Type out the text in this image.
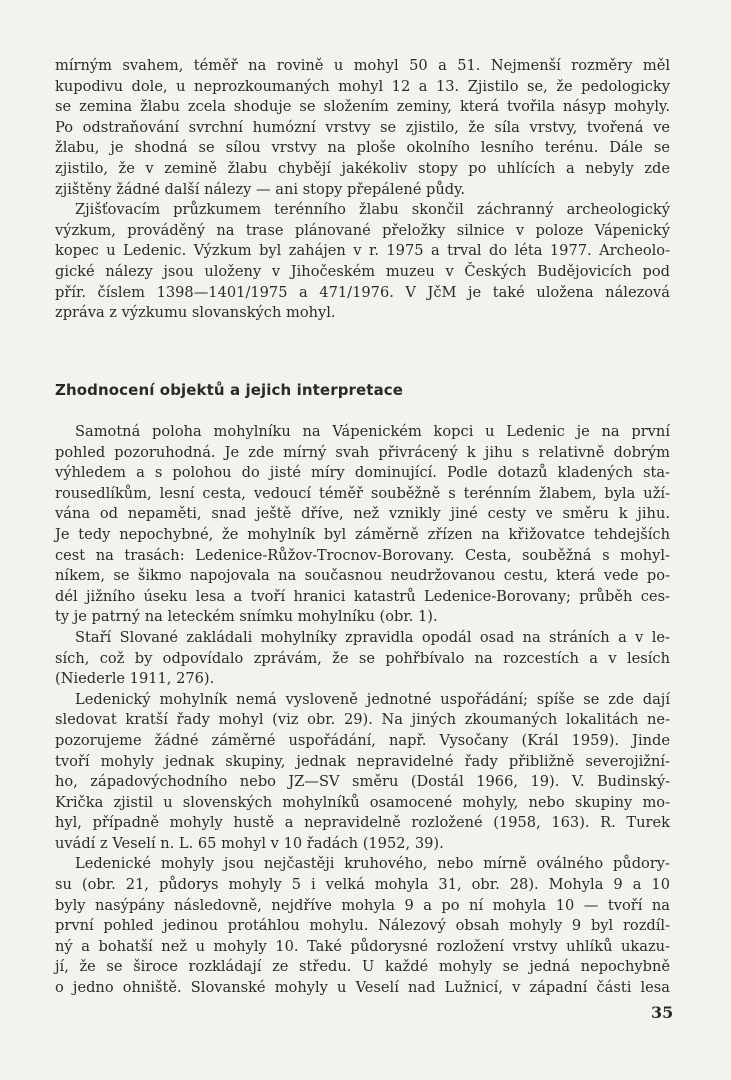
mírným svahem, téměř na rovině u mohyl 50 a 51. Nejmenší rozměry měl
kupodivu dole, u neprozkoumaných mohyl 12 a 13. Zjistilo se, že pedologicky
se zemina žlabu zcela shoduje se složením zeminy, která tvořila násyp mohyly.
Po odstraňování svrchní humózní vrstvy se zjistilo, že síla vrstvy, tvořená ve
žlabu, je shodná se sílou vrstvy na ploše okolního lesního terénu. Dále se
zjistilo, že v zemině žlabu chybějí jakékoliv stopy po uhlících a nebyly zde
zjištěny žádné další nálezy — ani stopy přepálené půdy.
Zjišťovacím průzkumem terénního žlabu skončil záchranný archeologický
výzkum, prováděný na trase plánované přeložky silnice v poloze Vápenický
kopec u Ledenic. Výzkum byl zahájen v r. 1975 a trval do léta 1977. Archeolo-
gické nálezy jsou uloženy v Jihočeském muzeu v Českých Budějovicích pod
přír. číslem 1398—1401/1975 a 471/1976. V JčM je také uložena nálezová
zpráva z výzkumu slovanských mohyl.
Zhodnocení objektů a jejich interpretace
Samotná poloha mohylníku na Vápenickém kopci u Ledenic je na první
pohled pozoruhodná. Je zde mírný svah přivrácený k jihu s relativně dobrým
výhledem a s polohou do jisté míry dominující. Podle dotazů kladených sta-
rousedlíkům, lesní cesta, vedoucí téměř souběžně s terénním žlabem, byla uží-
vána od nepaměti, snad ještě dříve, než vznikly jiné cesty ve směru k jihu.
Je tedy nepochybné, že mohylník byl záměrně zřízen na křižovatce tehdejších
cest na trasách: Ledenice-Růžov-Trocnov-Borovany. Cesta, souběžná s mohyl-
níkem, se šikmo napojovala na současnou neudržovanou cestu, která vede po-
dél jižního úseku lesa a tvoří hranici katastrů Ledenice-Borovany; průběh ces-
ty je patrný na leteckém snímku mohylníku (obr. 1).
Staří Slované zakládali mohylníky zpravidla opodál osad na stráních a v le-
sích, což by odpovídalo zprávám, že se pohřbívalo na rozcestích a v lesích
(Niederle 1911, 276).
Ledenický mohylník nemá vysloveně jednotné uspořádání; spíše se zde dají
sledovat kratší řady mohyl (viz obr. 29). Na jiných zkoumaných lokalitách ne-
pozorujeme žádné záměrné uspořádání, např. Vysočany (Král 1959). Jinde
tvoří mohyly jednak skupiny, jednak nepravidelné řady přibližně severojižní-
ho, západovýchodního nebo JZ—SV směru (Dostál 1966, 19). V. Budinský-
Krička zjistil u slovenských mohylníků osamocené mohyly, nebo skupiny mo-
hyl, případně mohyly hustě a nepravidelně rozložené (1958, 163). R. Turek
uvádí z Veselí n. L. 65 mohyl v 10 řadách (1952, 39).
Ledenické mohyly jsou nejčastěji kruhového, nebo mírně oválného půdory-
su (obr. 21, půdorys mohyly 5 i velká mohyla 31, obr. 28). Mohyla 9 a 10
byly nasýpány následovně, nejdříve mohyla 9 a po ní mohyla 10 — tvoří na
první pohled jedinou protáhlou mohylu. Nálezový obsah mohyly 9 byl rozdíl-
ný a bohatší než u mohyly 10. Také půdorysné rozložení vrstvy uhlíků ukazu-
jí, že se široce rozkládají ze středu. U každé mohyly se jedná nepochybně
o jedno ohniště. Slovanské mohyly u Veselí nad Lužnicí, v západní části lesa
35
